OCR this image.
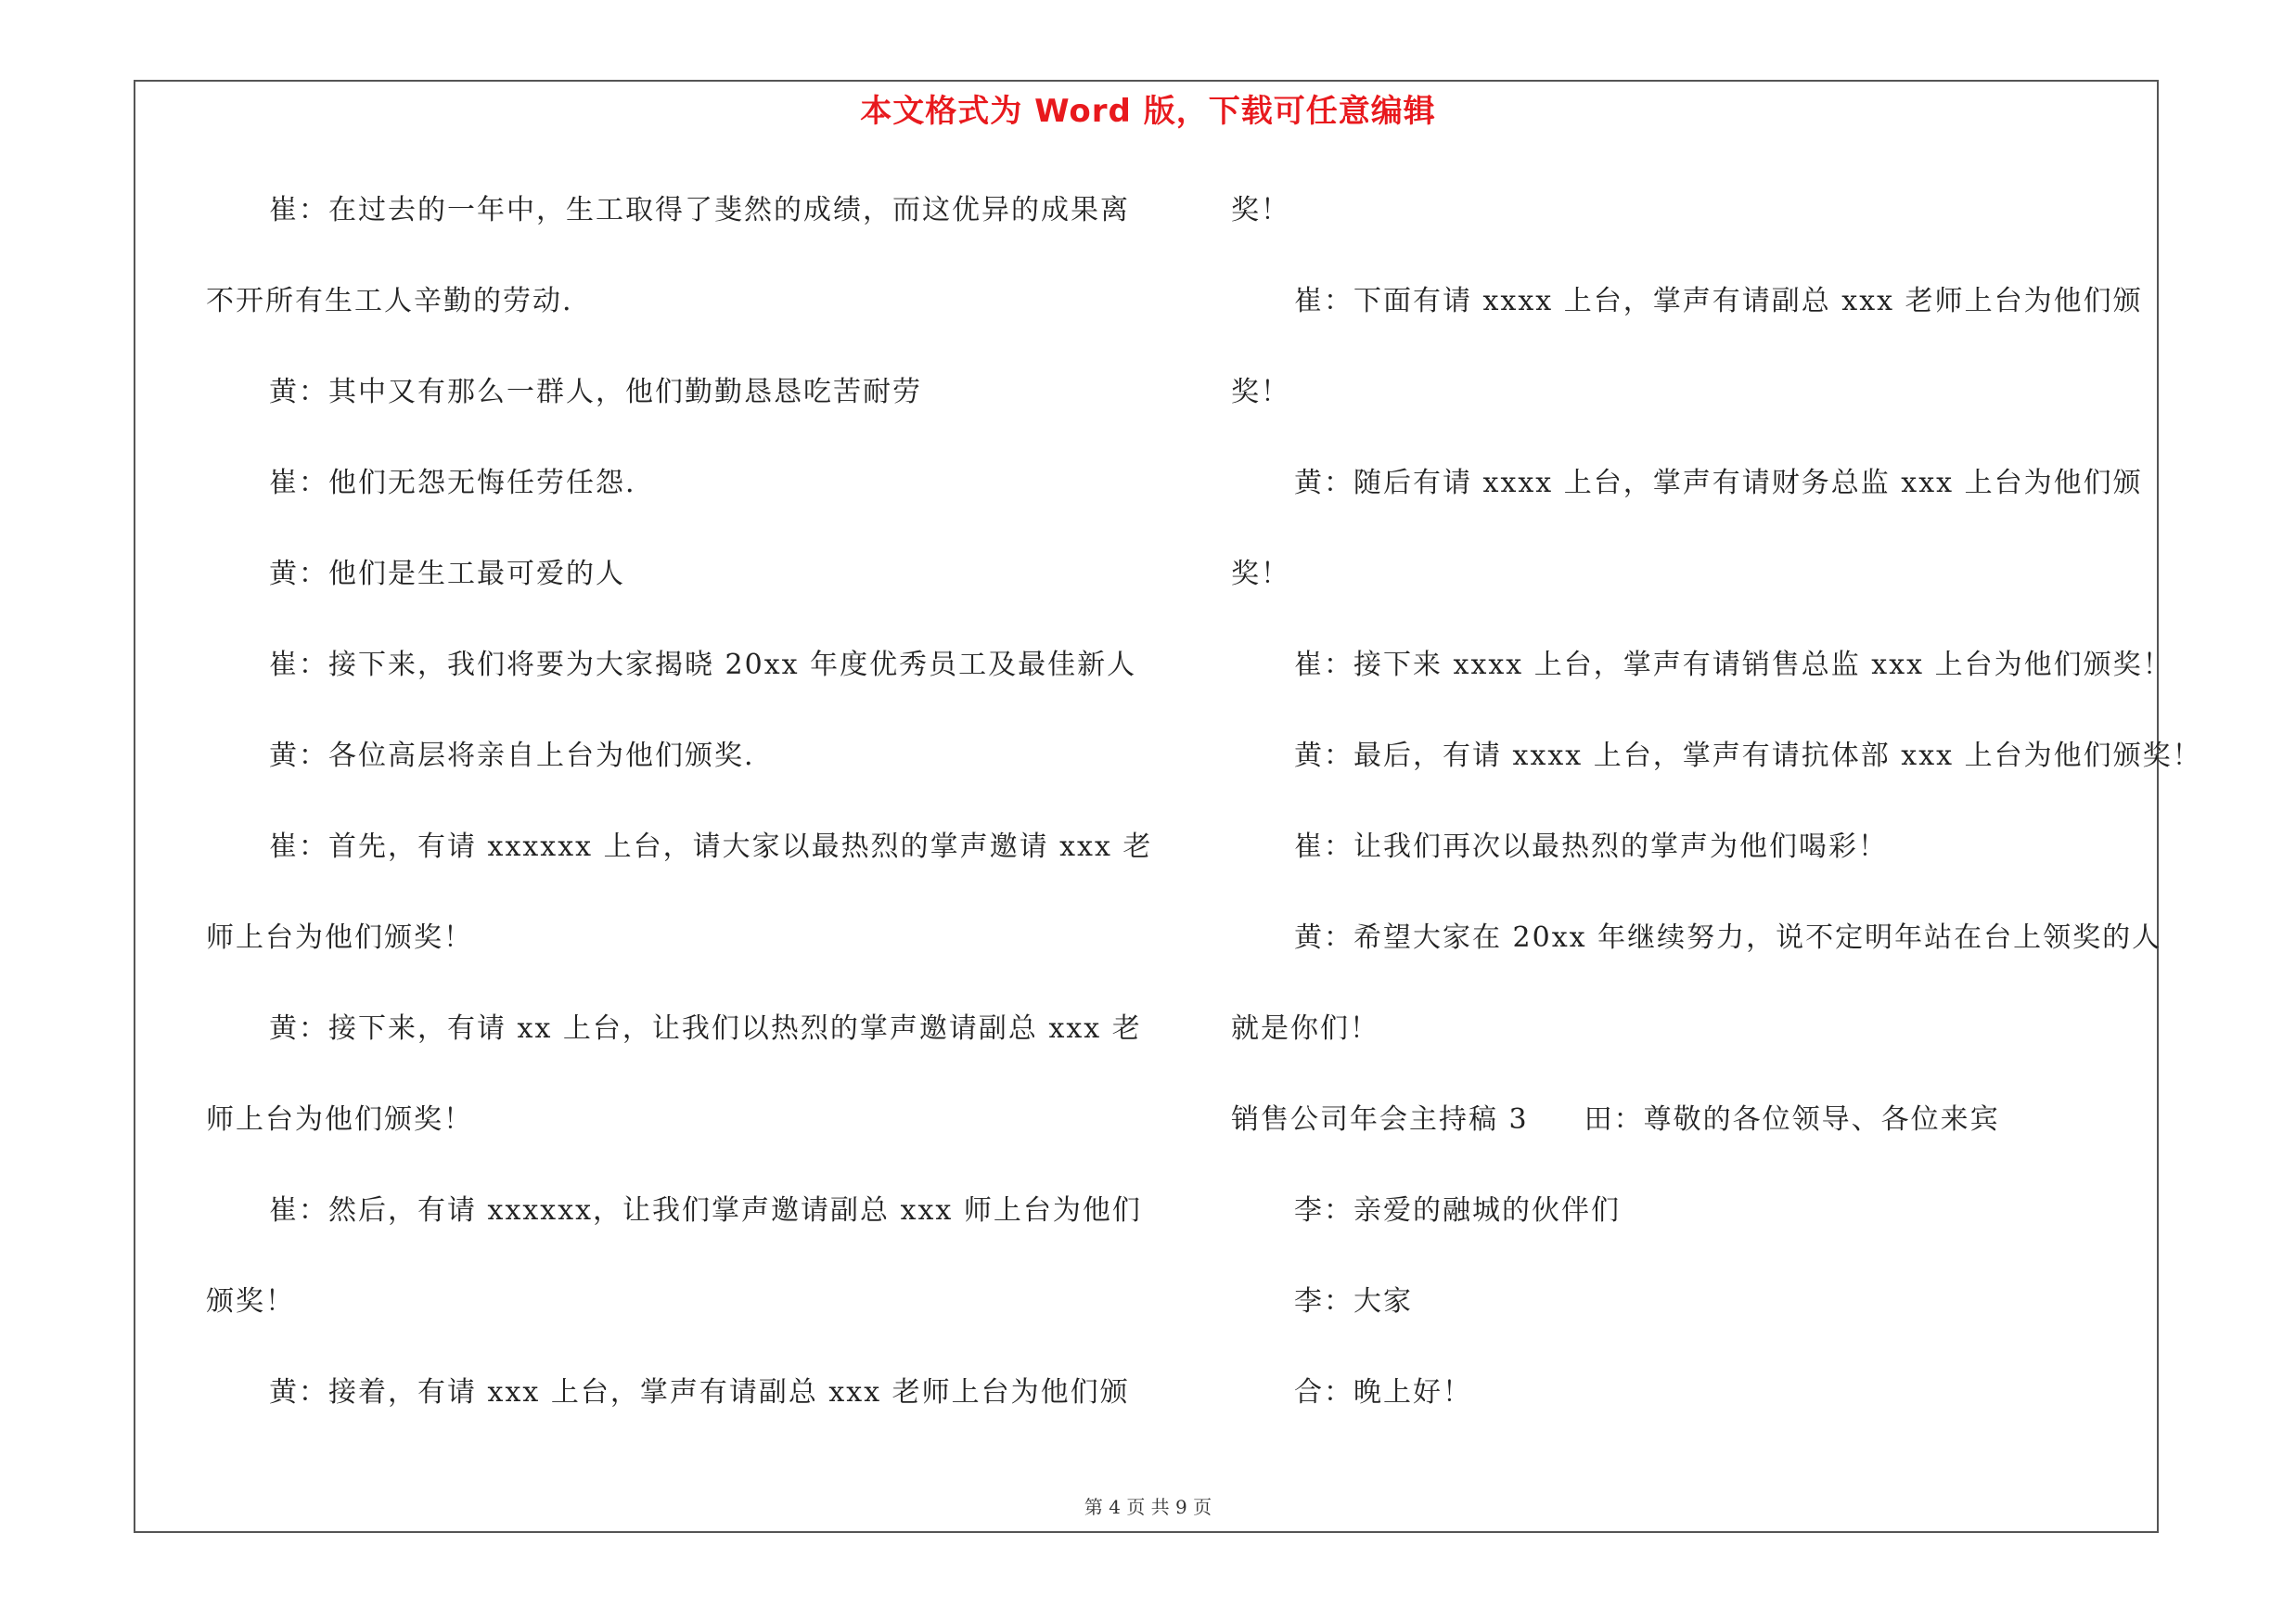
本文格式为 Word 版，下载可任意编辑
崔：在过去的一年中，生工取得了斐然的成绩，而这优异的成果离
不开所有生工人辛勤的劳动.
黄：其中又有那么一群人，他们勤勤恳恳吃苦耐劳
崔：他们无怨无悔任劳任怨.
黄：他们是生工最可爱的人
崔：接下来，我们将要为大家揭晓 20xx 年度优秀员工及最佳新人
黄：各位高层将亲自上台为他们颁奖.
崔：首先，有请 xxxxxx 上台，请大家以最热烈的掌声邀请 xxx 老
师上台为他们颁奖！
黄：接下来，有请 xx 上台，让我们以热烈的掌声邀请副总 xxx 老
师上台为他们颁奖！
崔：然后，有请 xxxxxx，让我们掌声邀请副总 xxx 师上台为他们
颁奖！
黄：接着，有请 xxx 上台，掌声有请副总 xxx 老师上台为他们颁
奖！
崔：下面有请 xxxx 上台，掌声有请副总 xxx 老师上台为他们颁
奖！
黄：随后有请 xxxx 上台，掌声有请财务总监 xxx 上台为他们颁
奖！
崔：接下来 xxxx 上台，掌声有请销售总监 xxx 上台为他们颁奖！
黄：最后，有请 xxxx 上台，掌声有请抗体部 xxx 上台为他们颁奖！
崔：让我们再次以最热烈的掌声为他们喝彩！
黄：希望大家在 20xx 年继续努力，说不定明年站在台上领奖的人
就是你们！
销售公司年会主持稿 3 田：尊敬的各位领导、各位来宾
李：亲爱的融城的伙伴们
李：大家
合：晚上好！
第 4 页 共 9 页
